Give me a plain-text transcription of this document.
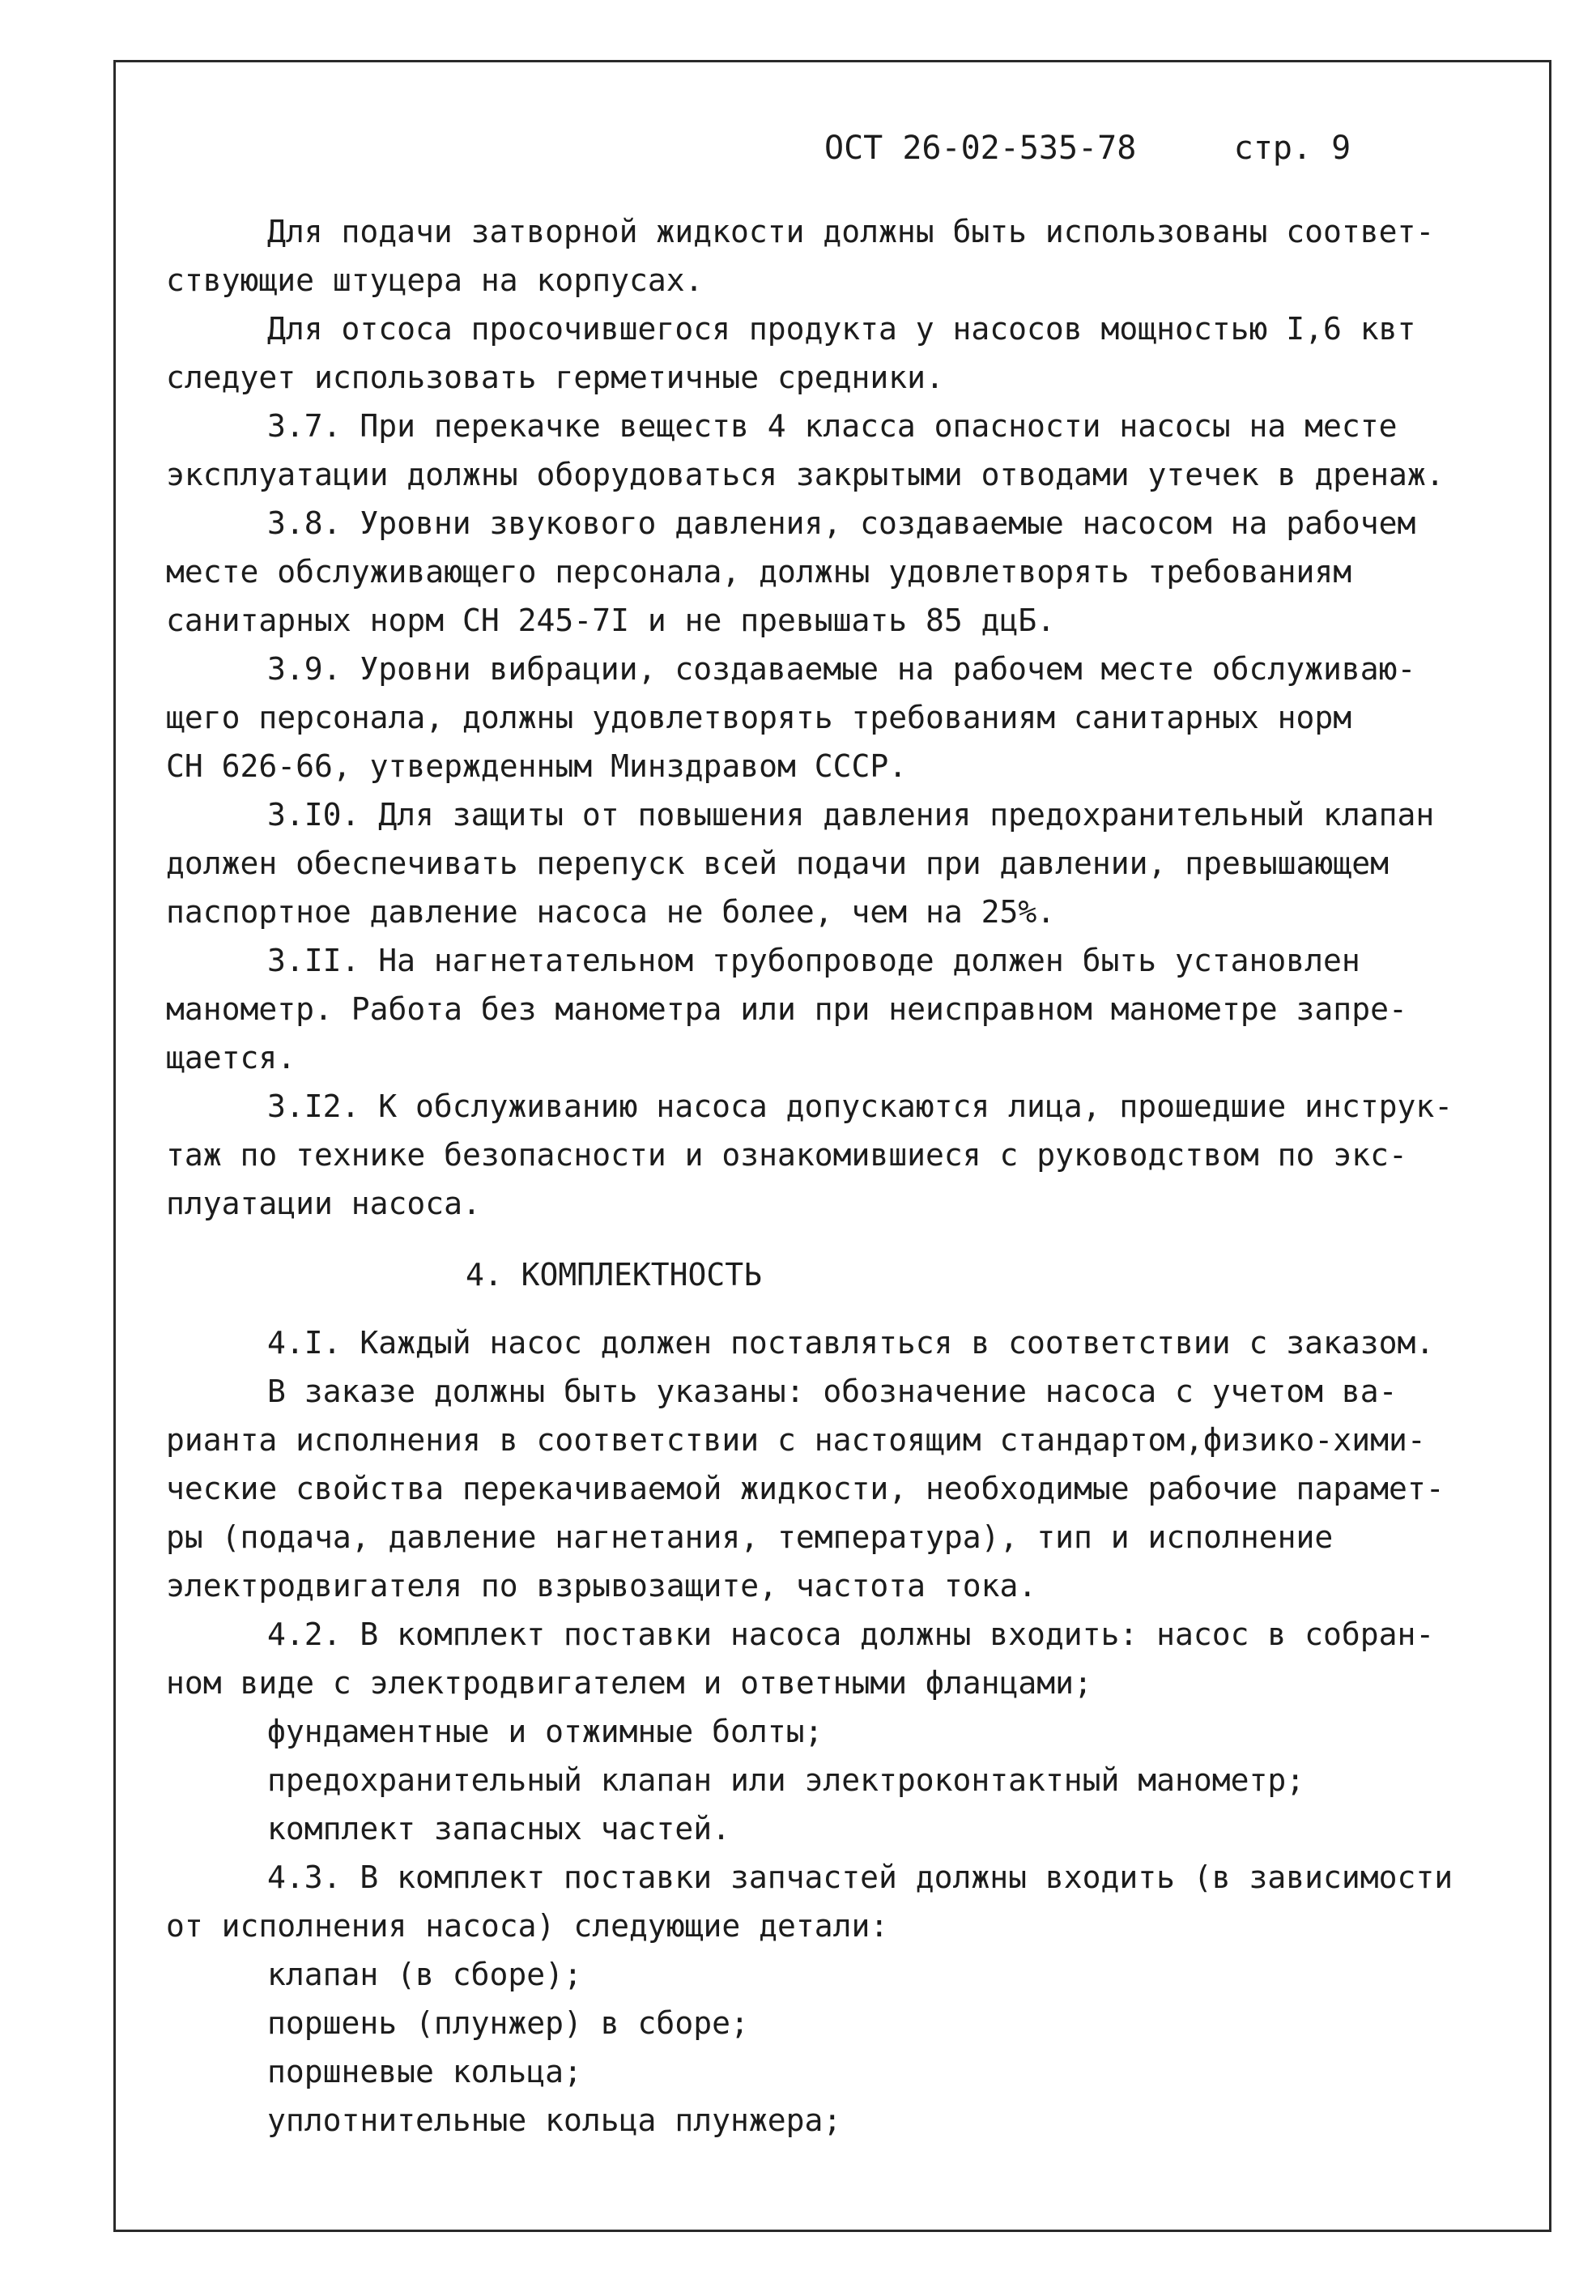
ОСТ 26-02-535-78	стр. 9
Для подачи затворной жидкости должны быть использованы соответ-
ствующие штуцера на корпусах.
Для отсоса просочившегося продукта у насосов мощностью I,6 квт
следует использовать герметичные средники.
3.7. При перекачке веществ 4 класса опасности насосы на месте
эксплуатации должны оборудоваться закрытыми отводами утечек в дренаж.
3.8. Уровни звукового давления, создаваемые насосом на рабочем
месте обслуживающего персонала, должны удовлетворять требованиям
санитарных норм СН 245-7I и не превышать 85 дцБ.
3.9. Уровни вибрации, создаваемые на рабочем месте обслуживаю-
щего персонала, должны удовлетворять требованиям санитарных норм
СН 626-66, утвержденным Минздравом СССР.
3.I0. Для защиты от повышения давления предохранительный клапан
должен обеспечивать перепуск всей подачи при давлении, превышающем
паспортное давление насоса не более, чем на 25%.
3.II. На нагнетательном трубопроводе должен быть установлен
манометр. Работа без манометра или при неисправном манометре запре-
щается.
3.I2. К обслуживанию насоса допускаются лица, прошедшие инструк-
таж по технике безопасности и ознакомившиеся с руководством по экс-
плуатации насоса.
4. КОМПЛЕКТНОСТЬ
4.I. Каждый насос должен поставляться в соответствии с заказом.
В заказе должны быть указаны: обозначение насоса с учетом ва-
рианта исполнения в соответствии с настоящим стандартом,физико-хими-
ческие свойства перекачиваемой жидкости, необходимые рабочие парамет-
ры (подача, давление нагнетания, температура), тип и исполнение
электродвигателя по взрывозащите, частота тока.
4.2. В комплект поставки насоса должны входить: насос в собран-
ном виде с электродвигателем и ответными фланцами;
фундаментные и отжимные болты;
предохранительный клапан или электроконтактный манометр;
комплект запасных частей.
4.3. В комплект поставки запчастей должны входить (в зависимости
от исполнения насоса) следующие детали:
клапан (в сборе);
поршень (плунжер) в сборе;
поршневые кольца;
уплотнительные кольца плунжера;
